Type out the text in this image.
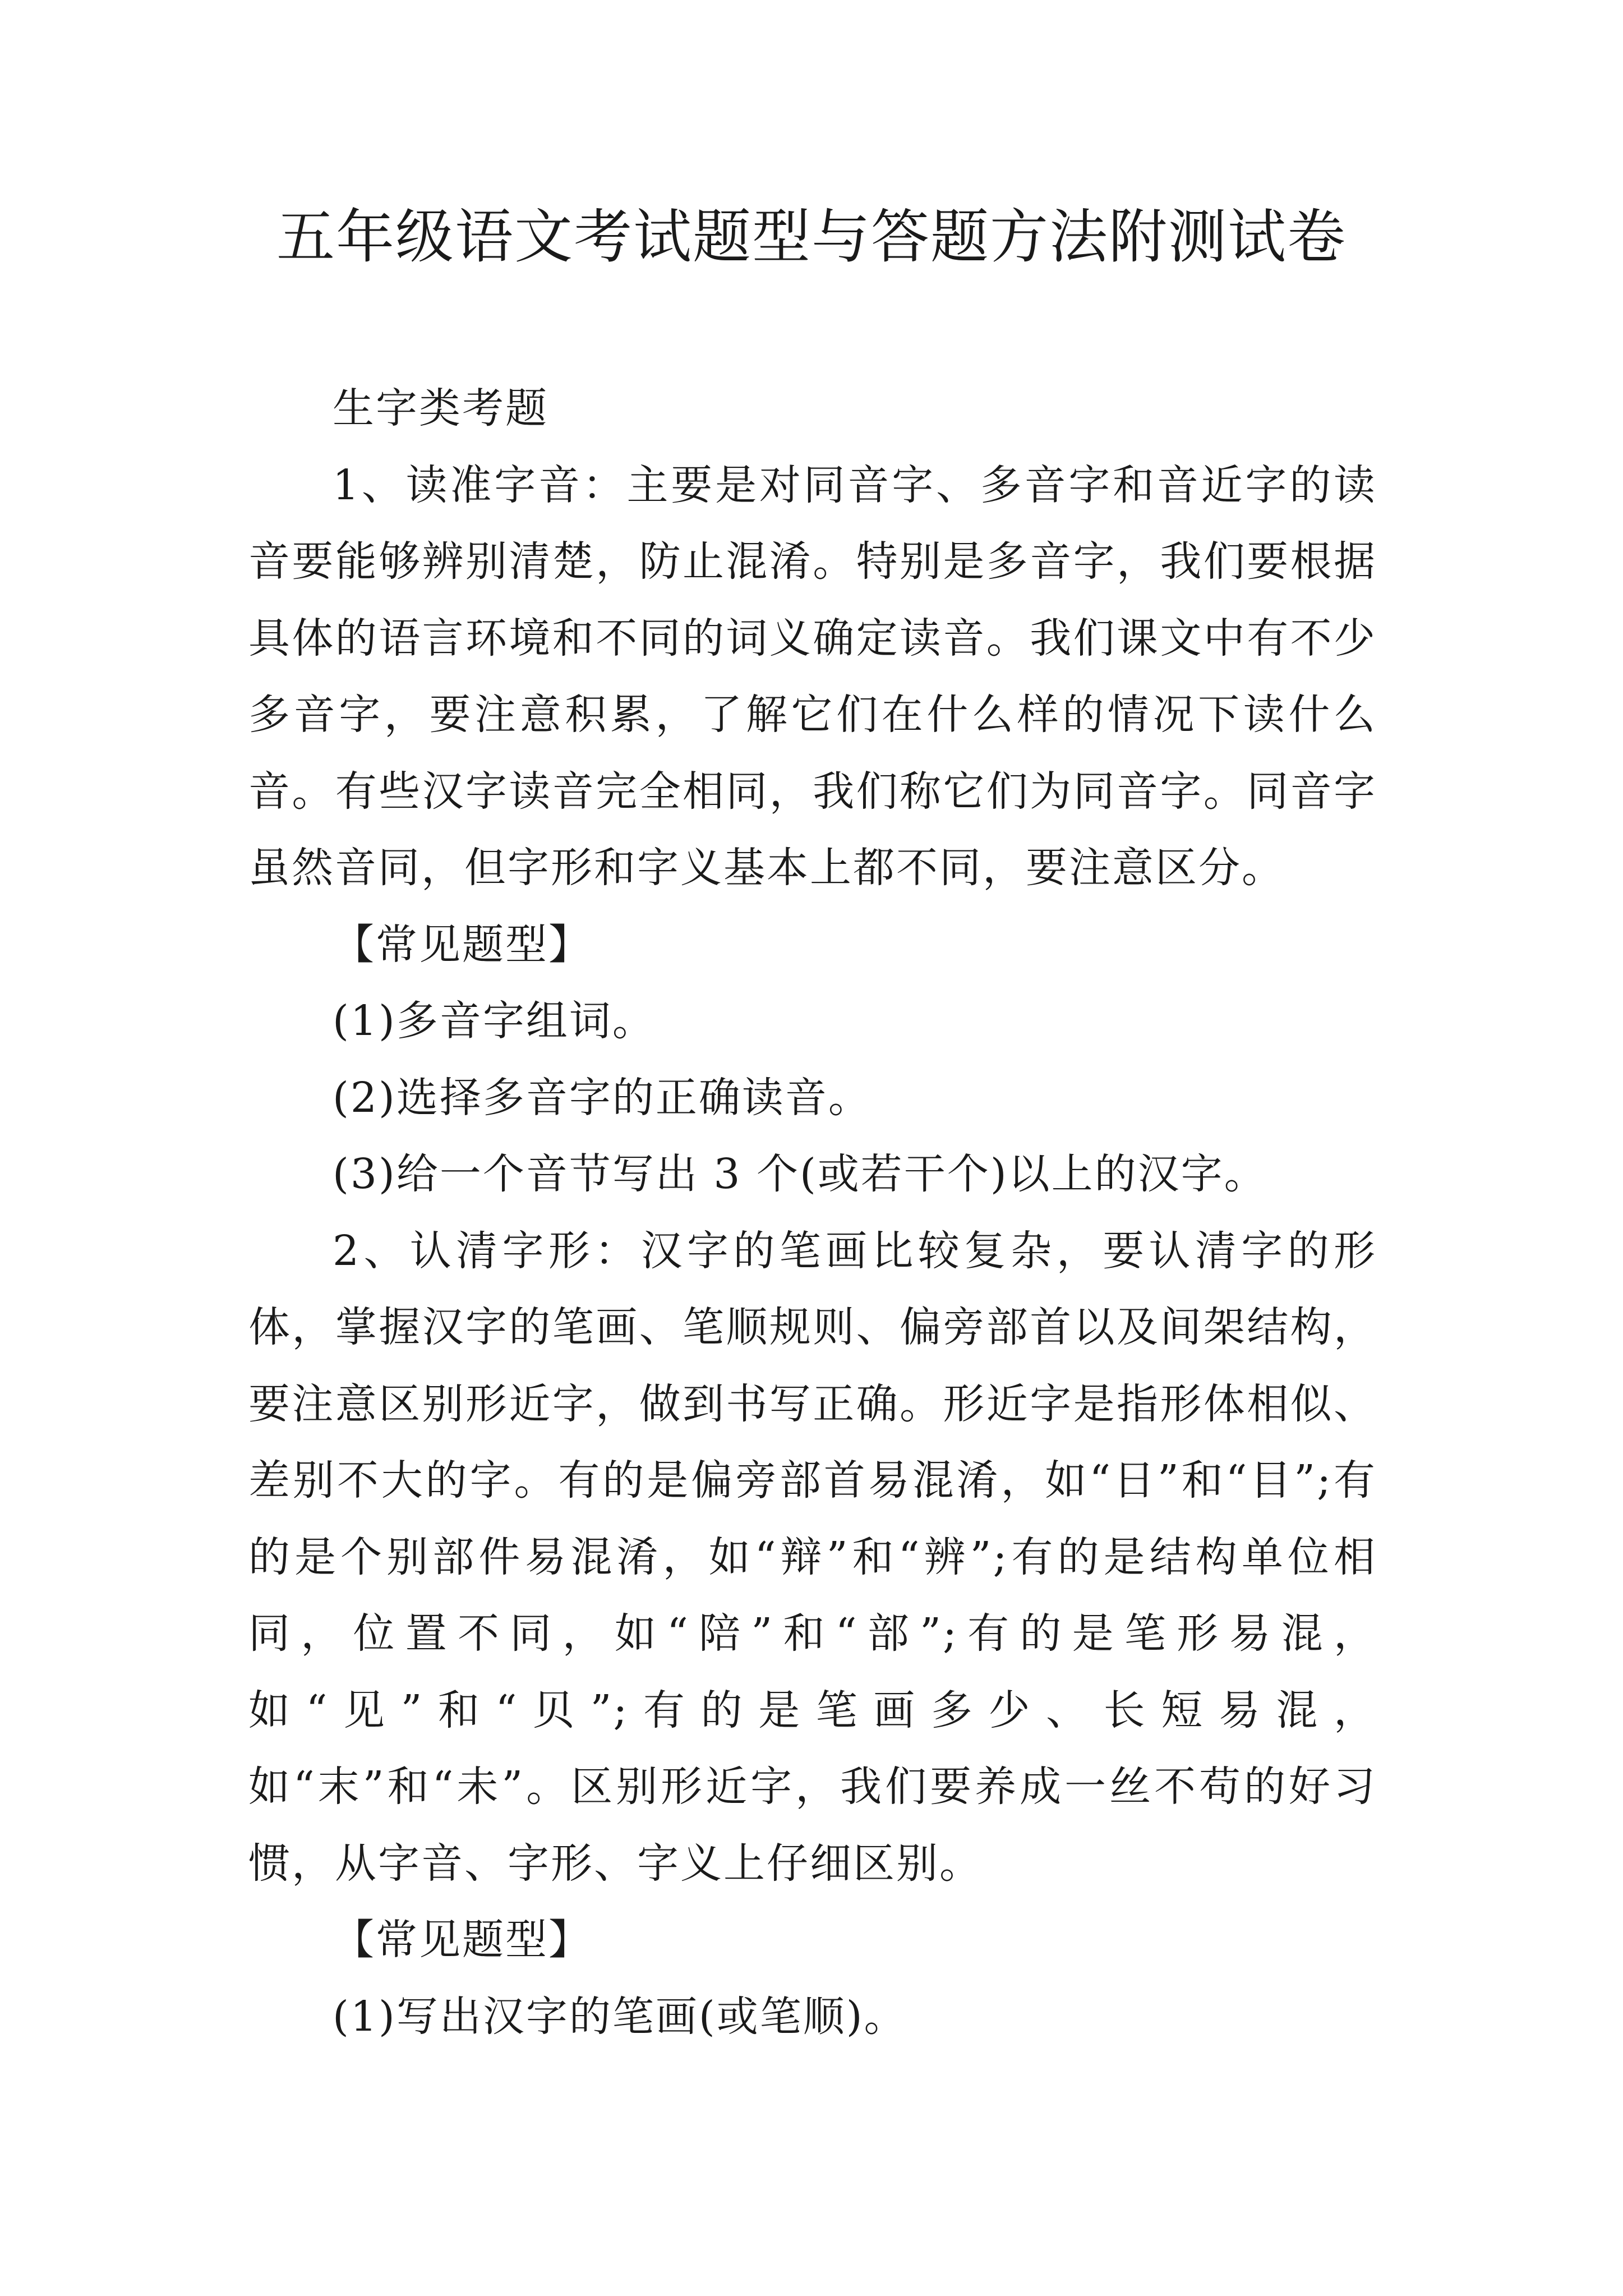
五年级语文考试题型与答题方法附测试卷

生字类考题

1、读准字音：主要是对同音字、多音字和音近字的读音要能够辨别清楚，防止混淆。特别是多音字，我们要根据具体的语言环境和不同的词义确定读音。我们课文中有不少多音字，要注意积累，了解它们在什么样的情况下读什么音。有些汉字读音完全相同，我们称它们为同音字。同音字虽然音同，但字形和字义基本上都不同，要注意区分。

【常见题型】

(1)多音字组词。

(2)选择多音字的正确读音。

(3)给一个音节写出 3 个(或若干个)以上的汉字。

2、认清字形：汉字的笔画比较复杂，要认清字的形体，掌握汉字的笔画、笔顺规则、偏旁部首以及间架结构，要注意区别形近字，做到书写正确。形近字是指形体相似、差别不大的字。有的是偏旁部首易混淆，如“日”和“目”;有的是个别部件易混淆，如“辩”和“辨”;有的是结构单位相同，位置不同，如“陪”和“部”;有的是笔形易混，如“见”和“贝”;有的是笔画多少、长短易混，如“末”和“未”。区别形近字，我们要养成一丝不苟的好习惯，从字音、字形、字义上仔细区别。

【常见题型】

(1)写出汉字的笔画(或笔顺)。
